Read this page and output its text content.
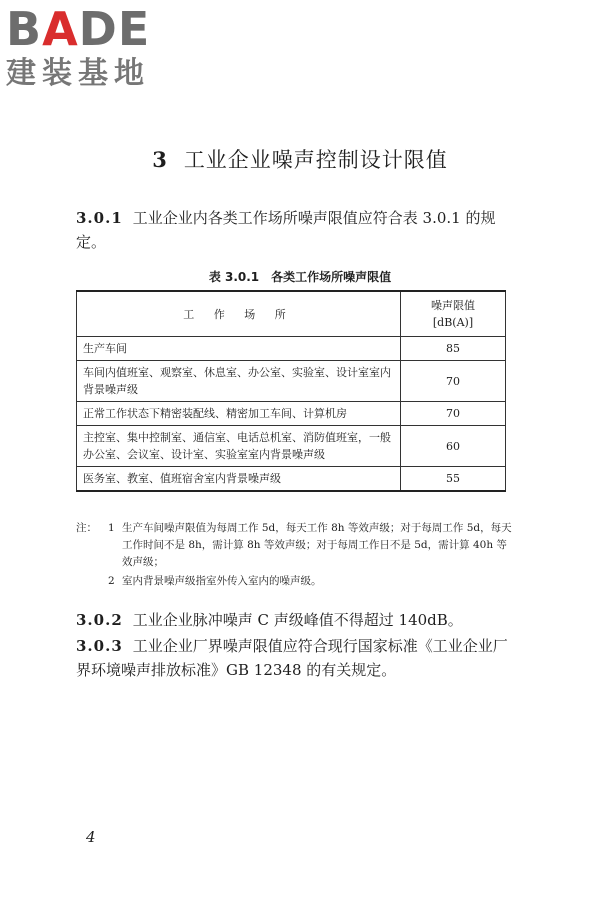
BADE
建装基地
3 工业企业噪声控制设计限值
3.0.1 工业企业内各类工作场所噪声限值应符合表 3.0.1 的规定。
表 3.0.1 各类工作场所噪声限值
工 作 场 所	噪声限值
[dB(A)]

生产车间	85
车间内值班室、观察室、休息室、办公室、实验室、设计室室内背景噪声级	70
正常工作状态下精密装配线、精密加工车间、计算机房	70
主控室、集中控制室、通信室、电话总机室、消防值班室，一般办公室、会议室、设计室、实验室室内背景噪声级	60
医务室、教室、值班宿舍室内背景噪声级	55
注：	1 生产车间噪声限值为每周工作 5d，每天工作 8h 等效声级；对于每周工作 5d，每天工作时间不是 8h，需计算 8h 等效声级；对于每周工作日不是 5d，需计算 40h 等效声级；
2 室内背景噪声级指室外传入室内的噪声级。
3.0.2 工业企业脉冲噪声 C 声级峰值不得超过 140dB。
3.0.3 工业企业厂界噪声限值应符合现行国家标准《工业企业厂界环境噪声排放标准》GB 12348 的有关规定。
4
